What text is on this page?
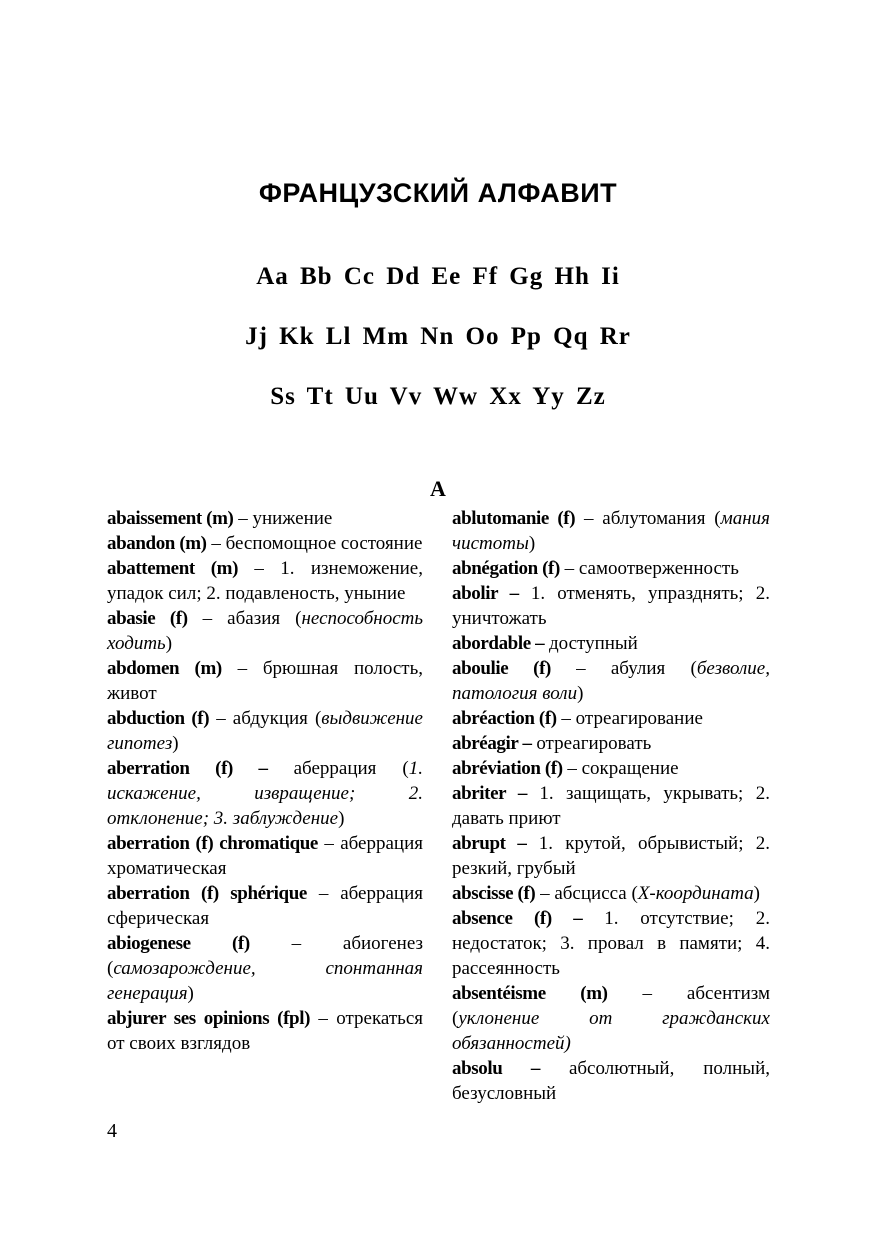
ФРАНЦУЗСКИЙ АЛФАВИТ
Aa Bb Cc Dd Ee Ff Gg Hh Ii
Jj Kk Ll Mm Nn Oo Pp Qq Rr
Ss Tt Uu Vv Ww Xx Yy Zz
A

abaissement (m) – унижение

abandon (m) – беспомощное состояние

abattement (m) – 1. изнеможение, упадок сил; 2. подавленость, уныние

abasie (f) – абазия (неспособность ходить)

abdomen (m) – брюшная полость, живот

abduction (f) – абдукция (выдвижение гипотез)

aberration (f) – аберрация (1. искажение, извращение; 2. отклонение; 3. заблуждение)

aberration (f) chromatique – аберрация хроматическая

aberration (f) sphérique – аберрация сферическая

abiogenese (f) – абиогенез (самозарождение, спонтанная генерация)

abjurer ses opinions (fpl) – отрекаться от своих взглядов

ablutomanie (f) – аблутомания (мания чистоты)

abnégation (f) – самоотверженность

abolir – 1. отменять, упразднять; 2. уничтожать

abordable – доступный

aboulie (f) – абулия (безволие, патология воли)

abréaction (f) – отреагирование

abréagir – отреагировать

abréviation (f) – сокращение

abriter – 1. защищать, укрывать; 2. давать приют

abrupt – 1. крутой, обрывистый; 2. резкий, грубый

abscisse (f) – абсцисса (Х-координата)

absence (f) – 1. отсутствие; 2. недостаток; 3. провал в памяти; 4. рассеянность

absentéisme (m) – абсентизм (уклонение от гражданских обязанностей)

absolu – абсолютный, полный, безусловный

4
